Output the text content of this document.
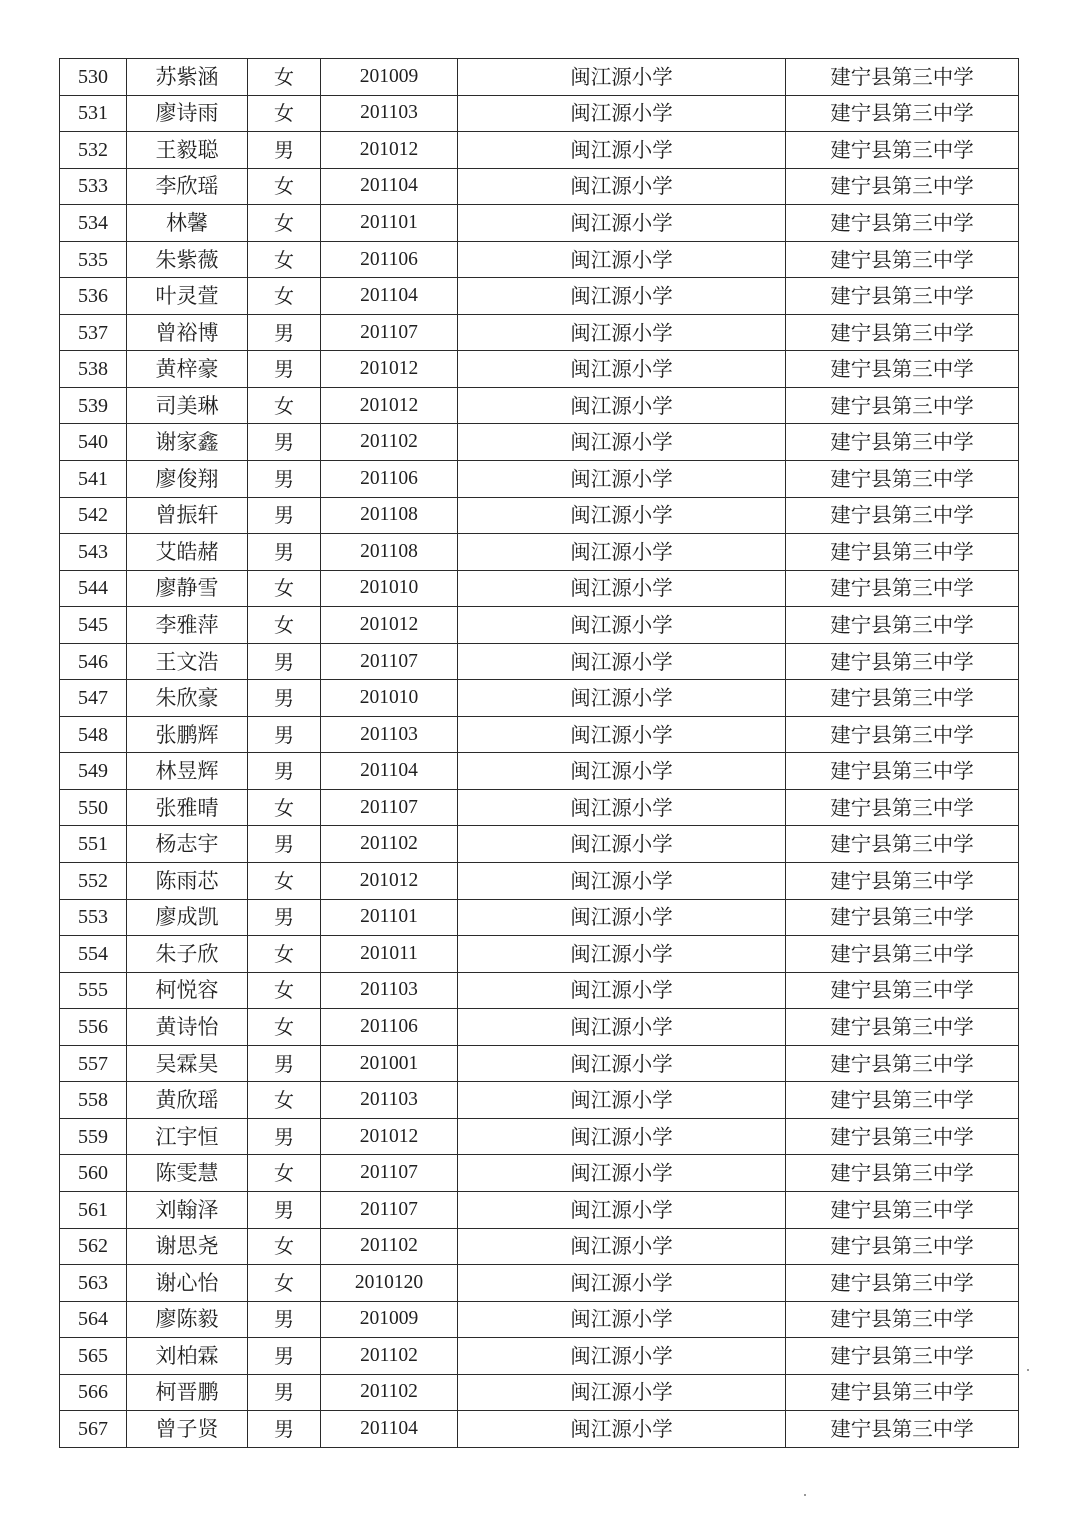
530	苏紫涵	女	201009	闽江源小学	建宁县第三中学
531	廖诗雨	女	201103	闽江源小学	建宁县第三中学
532	王毅聪	男	201012	闽江源小学	建宁县第三中学
533	李欣瑶	女	201104	闽江源小学	建宁县第三中学
534	林馨	女	201101	闽江源小学	建宁县第三中学
535	朱紫薇	女	201106	闽江源小学	建宁县第三中学
536	叶灵萱	女	201104	闽江源小学	建宁县第三中学
537	曾裕博	男	201107	闽江源小学	建宁县第三中学
538	黄梓豪	男	201012	闽江源小学	建宁县第三中学
539	司美琳	女	201012	闽江源小学	建宁县第三中学
540	谢家鑫	男	201102	闽江源小学	建宁县第三中学
541	廖俊翔	男	201106	闽江源小学	建宁县第三中学
542	曾振轩	男	201108	闽江源小学	建宁县第三中学
543	艾皓赭	男	201108	闽江源小学	建宁县第三中学
544	廖静雪	女	201010	闽江源小学	建宁县第三中学
545	李雅萍	女	201012	闽江源小学	建宁县第三中学
546	王文浩	男	201107	闽江源小学	建宁县第三中学
547	朱欣豪	男	201010	闽江源小学	建宁县第三中学
548	张鹏辉	男	201103	闽江源小学	建宁县第三中学
549	林昱辉	男	201104	闽江源小学	建宁县第三中学
550	张雅晴	女	201107	闽江源小学	建宁县第三中学
551	杨志宇	男	201102	闽江源小学	建宁县第三中学
552	陈雨芯	女	201012	闽江源小学	建宁县第三中学
553	廖成凯	男	201101	闽江源小学	建宁县第三中学
554	朱子欣	女	201011	闽江源小学	建宁县第三中学
555	柯悦容	女	201103	闽江源小学	建宁县第三中学
556	黄诗怡	女	201106	闽江源小学	建宁县第三中学
557	吴霖昊	男	201001	闽江源小学	建宁县第三中学
558	黄欣瑶	女	201103	闽江源小学	建宁县第三中学
559	江宇恒	男	201012	闽江源小学	建宁县第三中学
560	陈雯慧	女	201107	闽江源小学	建宁县第三中学
561	刘翰泽	男	201107	闽江源小学	建宁县第三中学
562	谢思尧	女	201102	闽江源小学	建宁县第三中学
563	谢心怡	女	2010120	闽江源小学	建宁县第三中学
564	廖陈毅	男	201009	闽江源小学	建宁县第三中学
565	刘柏霖	男	201102	闽江源小学	建宁县第三中学
566	柯晋鹏	男	201102	闽江源小学	建宁县第三中学
567	曾子贤	男	201104	闽江源小学	建宁县第三中学
